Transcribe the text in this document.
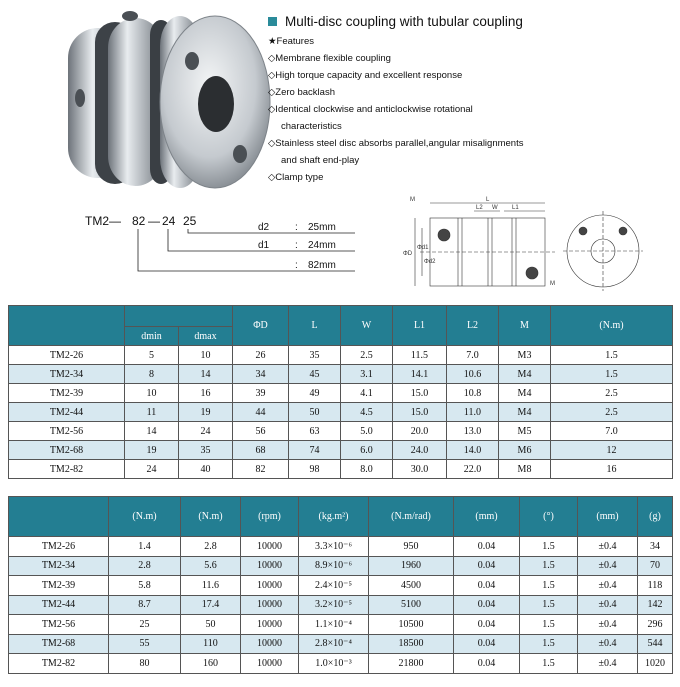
Multi-disc coupling with tubular coupling
★Features
◇Membrane flexible coupling
◇High torque capacity and excellent response
◇Zero backlash
◇Identical clockwise and anticlockwise rotational
characteristics
◇Stainless steel disc absorbs parallel,angular misalignments
and shaft end-play
◇Clamp type
TM2— 82 — 24 25	d2	: 25mm
d1	: 24mm
: 82mm
L
L2 W L1
M
ΦD
Φd1
Φd2
M
			ΦD	L	W	L1	L2	M	(N.m)
	dmin	dmax							
TM2-26	5	10	26	35	2.5	11.5	7.0	M3	1.5
TM2-34	8	14	34	45	3.1	14.1	10.6	M4	1.5
TM2-39	10	16	39	49	4.1	15.0	10.8	M4	2.5
TM2-44	11	19	44	50	4.5	15.0	11.0	M4	2.5
TM2-56	14	24	56	63	5.0	20.0	13.0	M5	7.0
TM2-68	19	35	68	74	6.0	24.0	14.0	M6	12
TM2-82	24	40	82	98	8.0	30.0	22.0	M8	16
	(N.m)	(N.m)	(rpm)	(kg.m²)	(N.m/rad)	(mm)	(°)	(mm)	(g)
TM2-26	1.4	2.8	10000	3.3×10⁻⁶	950	0.04	1.5	±0.4	34
TM2-34	2.8	5.6	10000	8.9×10⁻⁶	1960	0.04	1.5	±0.4	70
TM2-39	5.8	11.6	10000	2.4×10⁻⁵	4500	0.04	1.5	±0.4	118
TM2-44	8.7	17.4	10000	3.2×10⁻⁵	5100	0.04	1.5	±0.4	142
TM2-56	25	50	10000	1.1×10⁻⁴	10500	0.04	1.5	±0.4	296
TM2-68	55	110	10000	2.8×10⁻⁴	18500	0.04	1.5	±0.4	544
TM2-82	80	160	10000	1.0×10⁻³	21800	0.04	1.5	±0.4	1020
